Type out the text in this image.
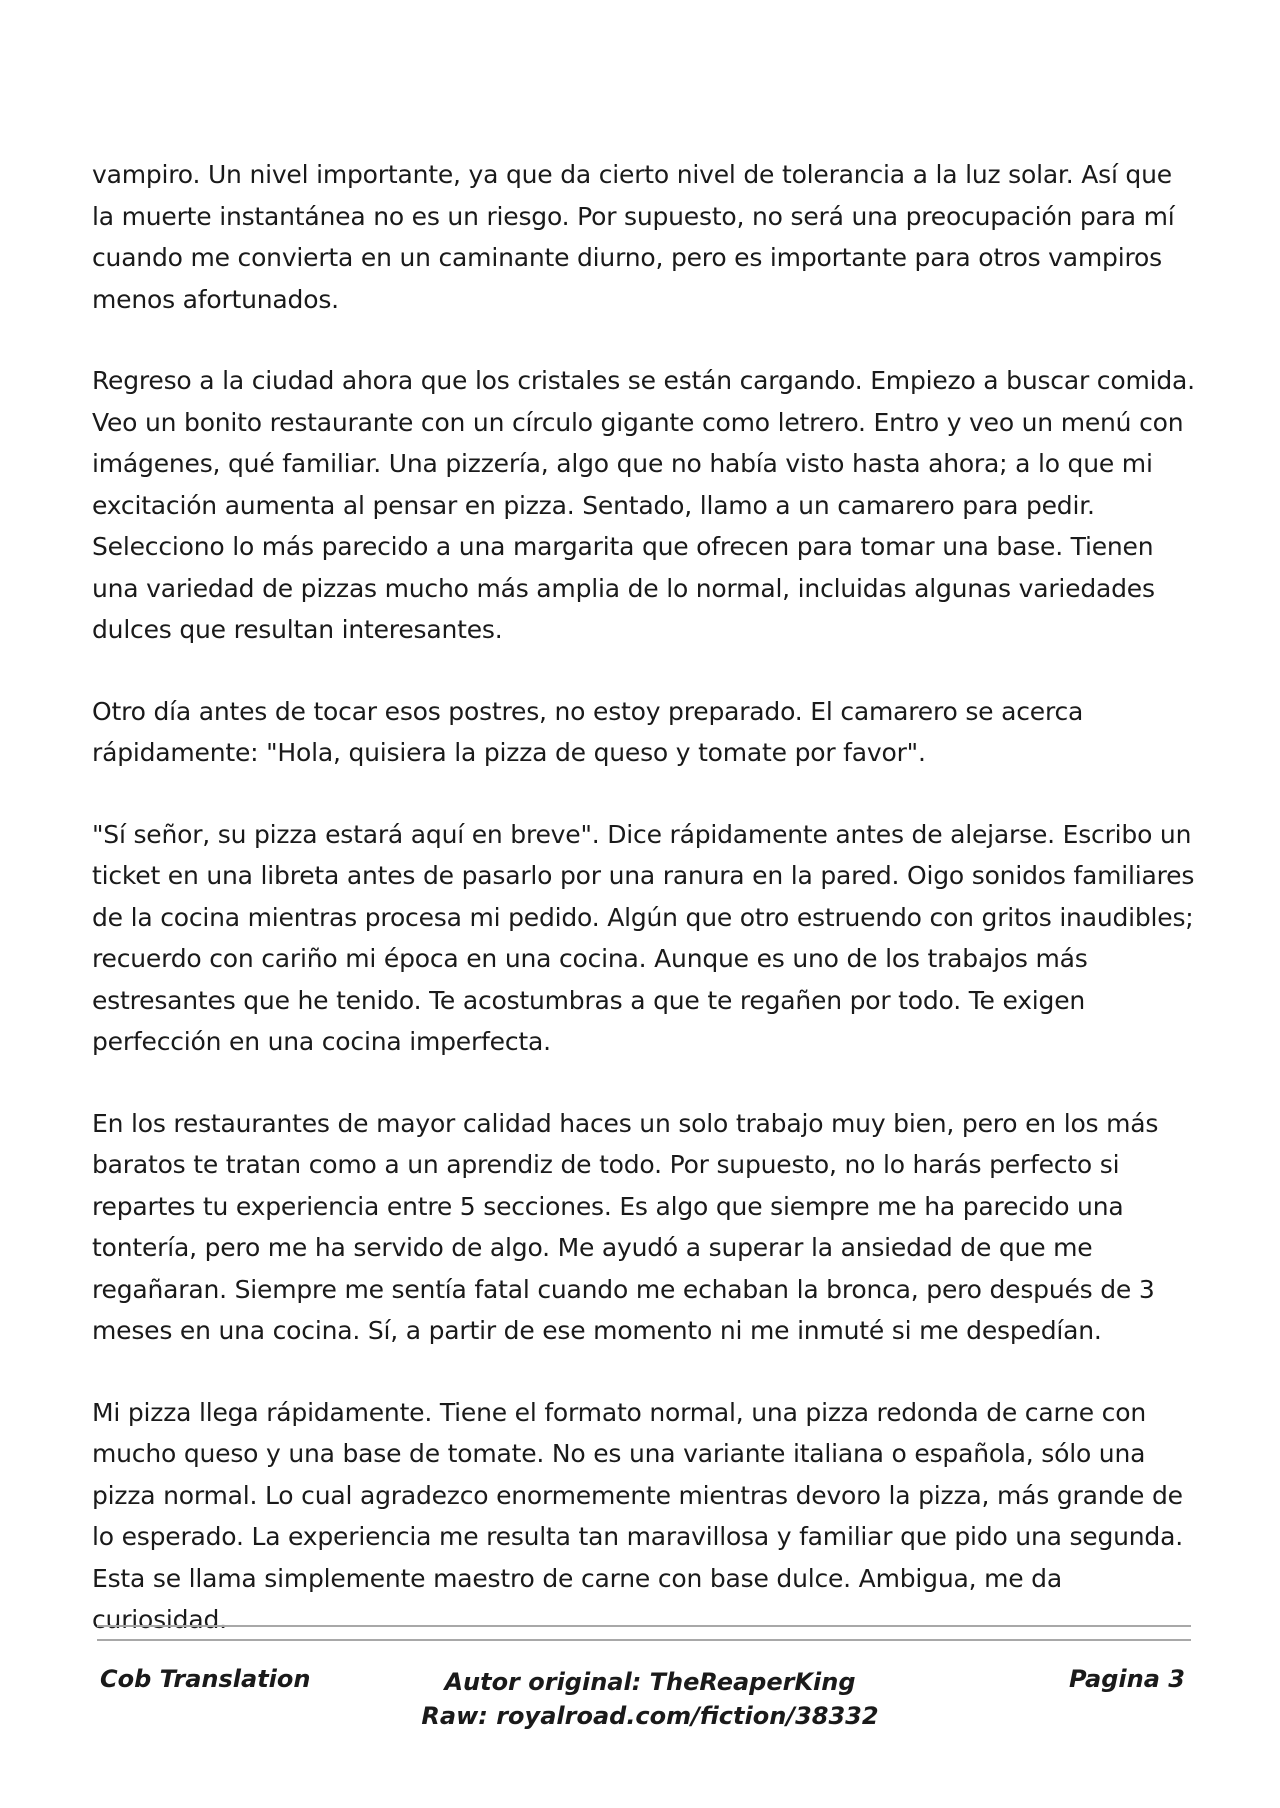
vampiro. Un nivel importante, ya que da cierto nivel de tolerancia a la luz solar. Así que la muerte instantánea no es un riesgo. Por supuesto, no será una preocupación para mí cuando me convierta en un caminante diurno, pero es importante para otros vampiros menos afortunados.

Regreso a la ciudad ahora que los cristales se están cargando. Empiezo a buscar comida. Veo un bonito restaurante con un círculo gigante como letrero. Entro y veo un menú con imágenes, qué familiar. Una pizzería, algo que no había visto hasta ahora; a lo que mi excitación aumenta al pensar en pizza. Sentado, llamo a un camarero para pedir. Selecciono lo más parecido a una margarita que ofrecen para tomar una base. Tienen una variedad de pizzas mucho más amplia de lo normal, incluidas algunas variedades dulces que resultan interesantes.

Otro día antes de tocar esos postres, no estoy preparado. El camarero se acerca rápidamente: "Hola, quisiera la pizza de queso y tomate por favor".

"Sí señor, su pizza estará aquí en breve". Dice rápidamente antes de alejarse. Escribo un ticket en una libreta antes de pasarlo por una ranura en la pared. Oigo sonidos familiares de la cocina mientras procesa mi pedido. Algún que otro estruendo con gritos inaudibles; recuerdo con cariño mi época en una cocina. Aunque es uno de los trabajos más estresantes que he tenido. Te acostumbras a que te regañen por todo. Te exigen perfección en una cocina imperfecta.

En los restaurantes de mayor calidad haces un solo trabajo muy bien, pero en los más baratos te tratan como a un aprendiz de todo. Por supuesto, no lo harás perfecto si repartes tu experiencia entre 5 secciones. Es algo que siempre me ha parecido una tontería, pero me ha servido de algo. Me ayudó a superar la ansiedad de que me regañaran. Siempre me sentía fatal cuando me echaban la bronca, pero después de 3 meses en una cocina. Sí, a partir de ese momento ni me inmuté si me despedían.

Mi pizza llega rápidamente. Tiene el formato normal, una pizza redonda de carne con mucho queso y una base de tomate. No es una variante italiana o española, sólo una pizza normal. Lo cual agradezco enormemente mientras devoro la pizza, más grande de lo esperado. La experiencia me resulta tan maravillosa y familiar que pido una segunda. Esta se llama simplemente maestro de carne con base dulce. Ambigua, me da curiosidad.

Cob Translation	Autor original: TheReaperKing
Raw: royalroad.com/fiction/38332
Pagina 3
